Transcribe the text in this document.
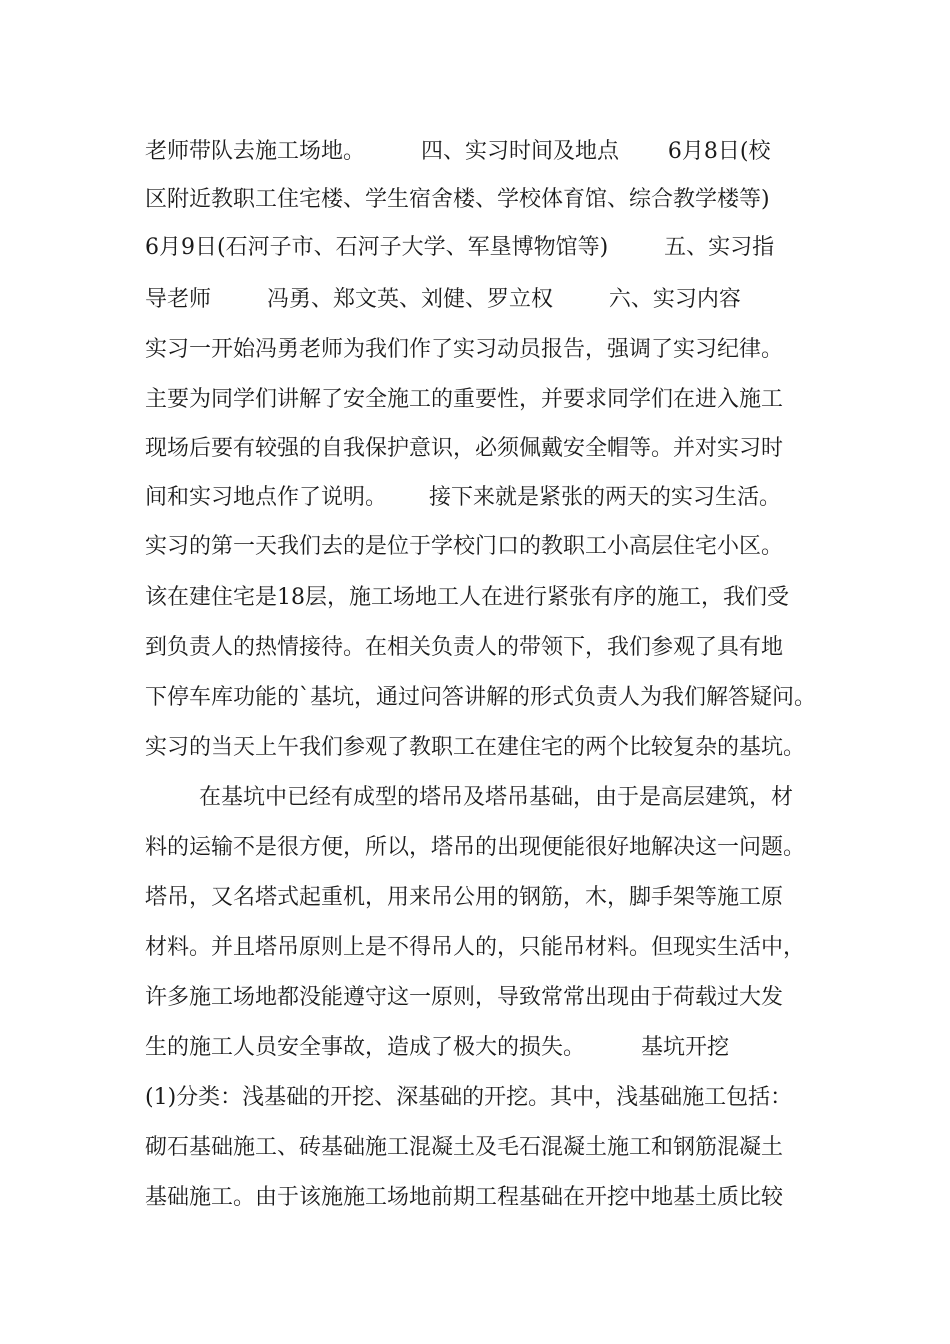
老师带队去施工场地。        四、实习时间及地点       6月8日(校
区附近教职工住宅楼、学生宿舍楼、学校体育馆、综合教学楼等)
6月9日(石河子市、石河子大学、军垦博物馆等)        五、实习指
导老师        冯勇、郑文英、刘健、罗立权        六、实习内容
实习一开始冯勇老师为我们作了实习动员报告，强调了实习纪律。
主要为同学们讲解了安全施工的重要性，并要求同学们在进入施工
现场后要有较强的自我保护意识，必须佩戴安全帽等。并对实习时
间和实习地点作了说明。      接下来就是紧张的两天的实习生活。
实习的第一天我们去的是位于学校门口的教职工小高层住宅小区。
该在建住宅是18层，施工场地工人在进行紧张有序的施工，我们受
到负责人的热情接待。在相关负责人的带领下，我们参观了具有地
下停车库功能的`基坑，通过问答讲解的形式负责人为我们解答疑问。
实习的当天上午我们参观了教职工在建住宅的两个比较复杂的基坑。
在基坑中已经有成型的塔吊及塔吊基础，由于是高层建筑，材
料的运输不是很方便，所以，塔吊的出现便能很好地解决这一问题。
塔吊，又名塔式起重机，用来吊公用的钢筋，木，脚手架等施工原
材料。并且塔吊原则上是不得吊人的，只能吊材料。但现实生活中，
许多施工场地都没能遵守这一原则，导致常常出现由于荷载过大发
生的施工人员安全事故，造成了极大的损失。        基坑开挖
(1)分类：浅基础的开挖、深基础的开挖。其中，浅基础施工包括：
砌石基础施工、砖基础施工混凝土及毛石混凝土施工和钢筋混凝土
基础施工。由于该施施工场地前期工程基础在开挖中地基土质比较
